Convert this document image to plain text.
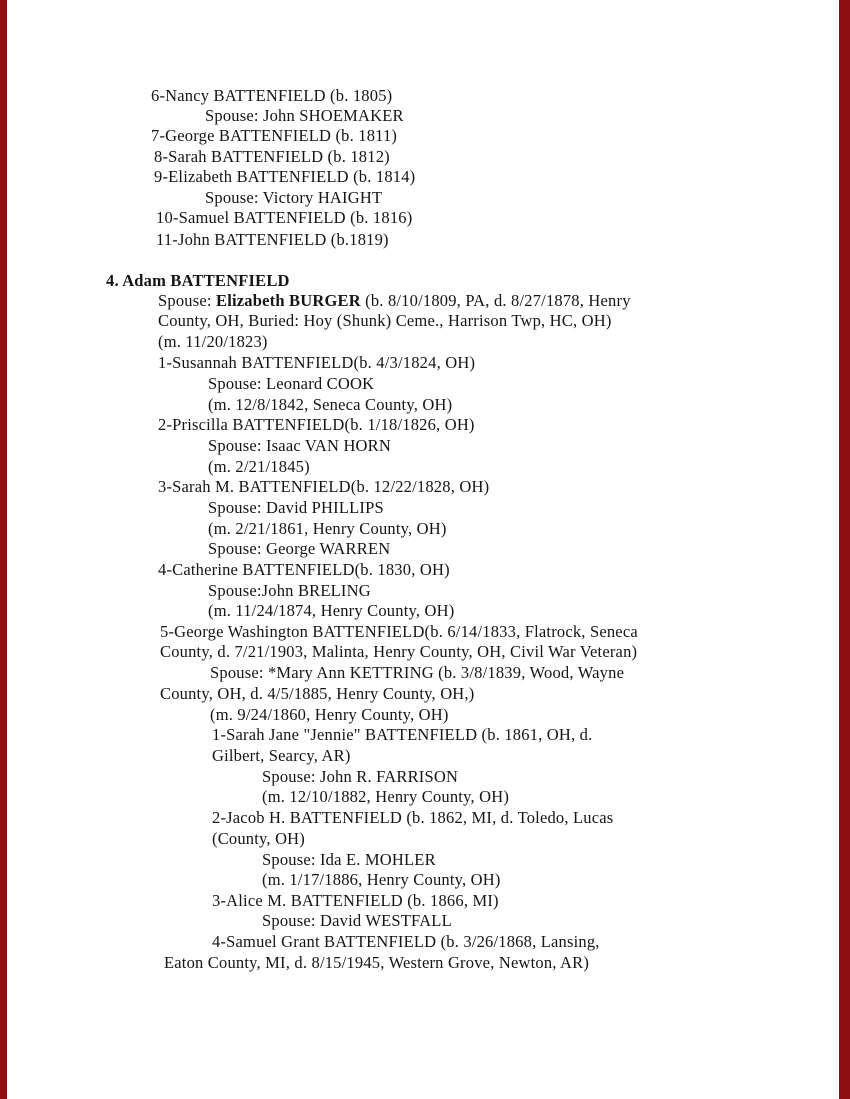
6-Nancy BATTENFIELD (b. 1805)
Spouse: John SHOEMAKER
7-George BATTENFIELD (b. 1811)
8-Sarah BATTENFIELD (b. 1812)
9-Elizabeth BATTENFIELD (b. 1814)
Spouse: Victory HAIGHT
10-Samuel BATTENFIELD (b. 1816)
11-John BATTENFIELD (b.1819)
4. Adam BATTENFIELD
Spouse: Elizabeth BURGER (b. 8/10/1809, PA, d. 8/27/1878, Henry
County, OH, Buried: Hoy (Shunk) Ceme., Harrison Twp, HC, OH)
(m. 11/20/1823)
1-Susannah BATTENFIELD(b. 4/3/1824, OH)
Spouse: Leonard COOK
(m. 12/8/1842, Seneca County, OH)
2-Priscilla BATTENFIELD(b. 1/18/1826, OH)
Spouse: Isaac VAN HORN
(m. 2/21/1845)
3-Sarah M. BATTENFIELD(b. 12/22/1828, OH)
Spouse: David PHILLIPS
(m. 2/21/1861, Henry County, OH)
Spouse: George WARREN
4-Catherine BATTENFIELD(b. 1830, OH)
Spouse:John BRELING
(m. 11/24/1874, Henry County, OH)
5-George Washington BATTENFIELD(b. 6/14/1833, Flatrock, Seneca
County, d. 7/21/1903, Malinta, Henry County, OH, Civil War Veteran)
Spouse: *Mary Ann KETTRING (b. 3/8/1839, Wood, Wayne
County, OH, d. 4/5/1885, Henry County, OH,)
(m. 9/24/1860, Henry County, OH)
1-Sarah Jane "Jennie" BATTENFIELD (b. 1861, OH, d.
Gilbert, Searcy, AR)
Spouse: John R. FARRISON
(m. 12/10/1882, Henry County, OH)
2-Jacob H. BATTENFIELD (b. 1862, MI, d. Toledo, Lucas
(County, OH)
Spouse: Ida E. MOHLER
(m. 1/17/1886, Henry County, OH)
3-Alice M. BATTENFIELD (b. 1866, MI)
Spouse: David WESTFALL
4-Samuel Grant BATTENFIELD (b. 3/26/1868, Lansing,
Eaton County, MI, d. 8/15/1945, Western Grove, Newton, AR)
